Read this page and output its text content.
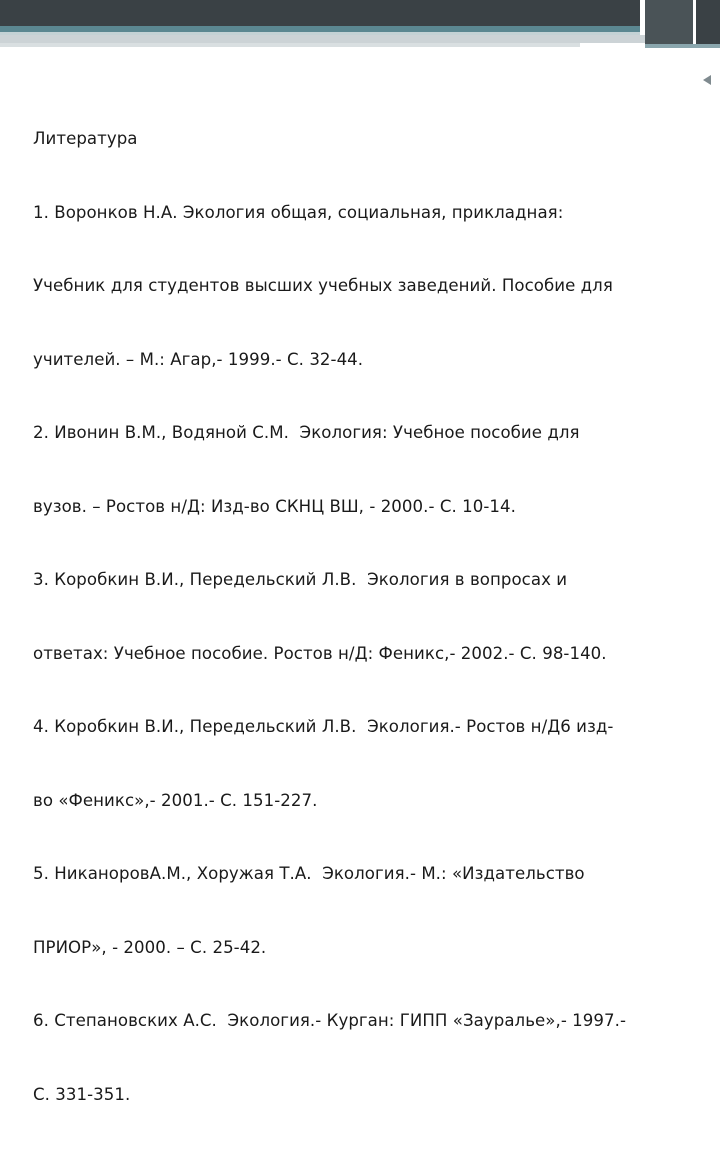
Литература

1. Воронков Н.А. Экология общая, социальная, прикладная:

Учебник для студентов высших учебных заведений. Пособие для

учителей. – М.: Агар,- 1999.- С. 32-44.

2. Ивонин В.М., Водяной С.М.  Экология: Учебное пособие для

вузов. – Ростов н/Д: Изд-во СКНЦ ВШ, - 2000.- С. 10-14.

3. Коробкин В.И., Передельский Л.В.  Экология в вопросах и

ответах: Учебное пособие. Ростов н/Д: Феникс,- 2002.- С. 98-140.

4. Коробкин В.И., Передельский Л.В.  Экология.- Ростов н/Д6 изд-

во «Феникс»,- 2001.- С. 151-227.

5. НиканоровА.М., Хоружая Т.А.  Экология.- М.: «Издательство

ПРИОР», - 2000. – С. 25-42.

6. Степановских А.С.  Экология.- Курган: ГИПП «Зауралье»,- 1997.-

С. 331-351.
